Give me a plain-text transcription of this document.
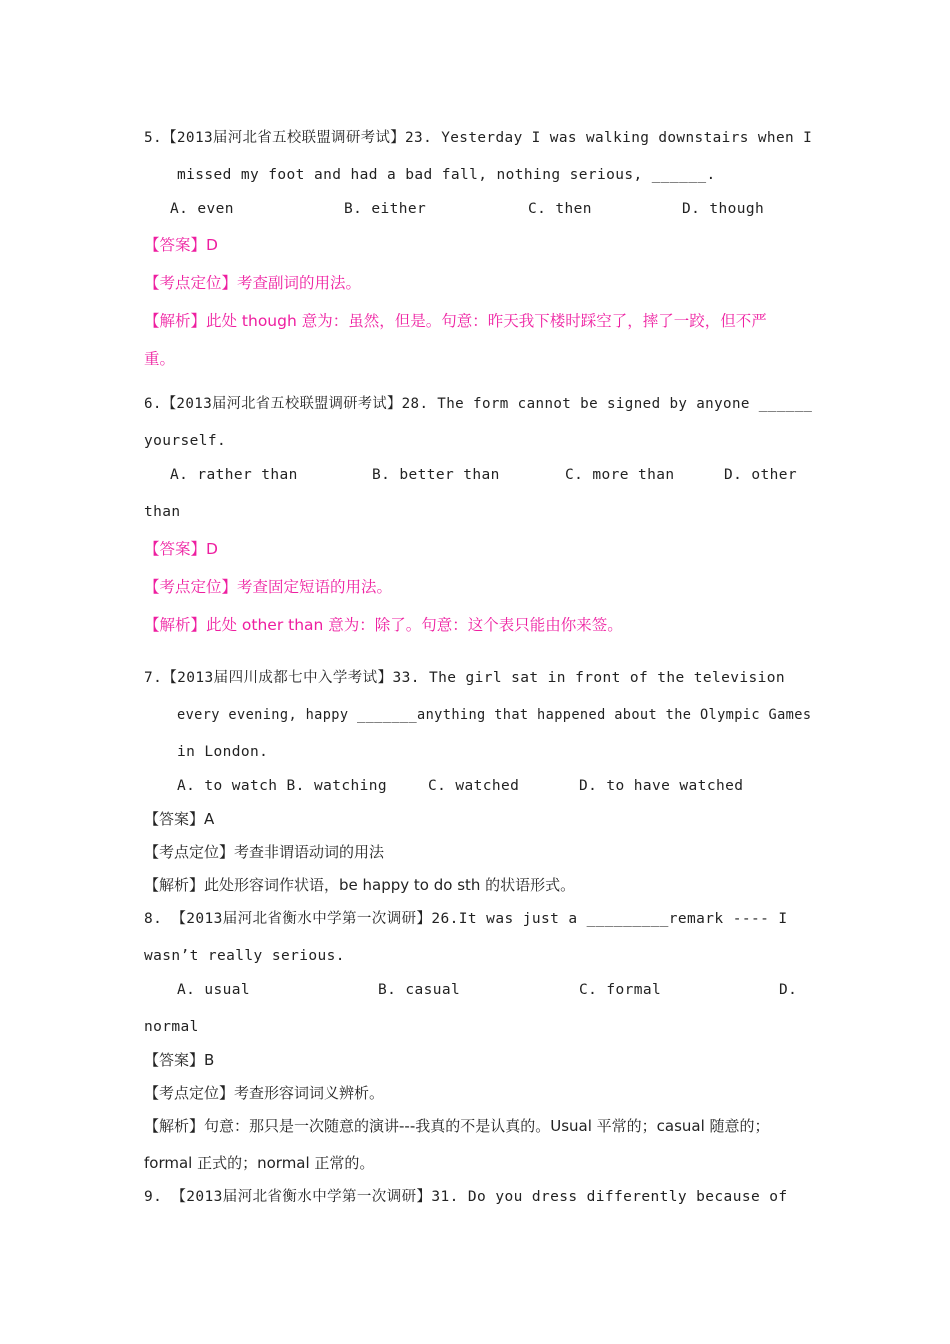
5.【2013届河北省五校联盟调研考试】23. Yesterday I was walking downstairs when I
missed my foot and had a bad fall, nothing serious, ______.
A. even	B. either	C. then	D. though
【答案】D
【考点定位】考查副词的用法。
【解析】此处 though 意为：虽然，但是。句意：昨天我下楼时踩空了，摔了一跤，但不严
重。
6.【2013届河北省五校联盟调研考试】28. The form cannot be signed by anyone ______
yourself.
A. rather than	B. better than	C. more than	D. other
than
【答案】D
【考点定位】考查固定短语的用法。
【解析】此处 other than 意为：除了。句意：这个表只能由你来签。
7.【2013届四川成都七中入学考试】33. The girl sat in front of the television
every evening, happy _______anything that happened about the Olympic Games
in London.
A. to watch B. watching	C. watched	D. to have watched
【答案】A
【考点定位】考查非谓语动词的用法
【解析】此处形容词作状语，be happy to do sth 的状语形式。
8. 【2013届河北省衡水中学第一次调研】26.It was just a _________remark ---- I
wasn’t really serious.
A. usual	B. casual	C. formal	D.
normal
【答案】B
【考点定位】考查形容词词义辨析。
【解析】句意：那只是一次随意的演讲---我真的不是认真的。Usual 平常的；casual 随意的；
formal 正式的；normal 正常的。
9. 【2013届河北省衡水中学第一次调研】31. Do you dress differently because of
